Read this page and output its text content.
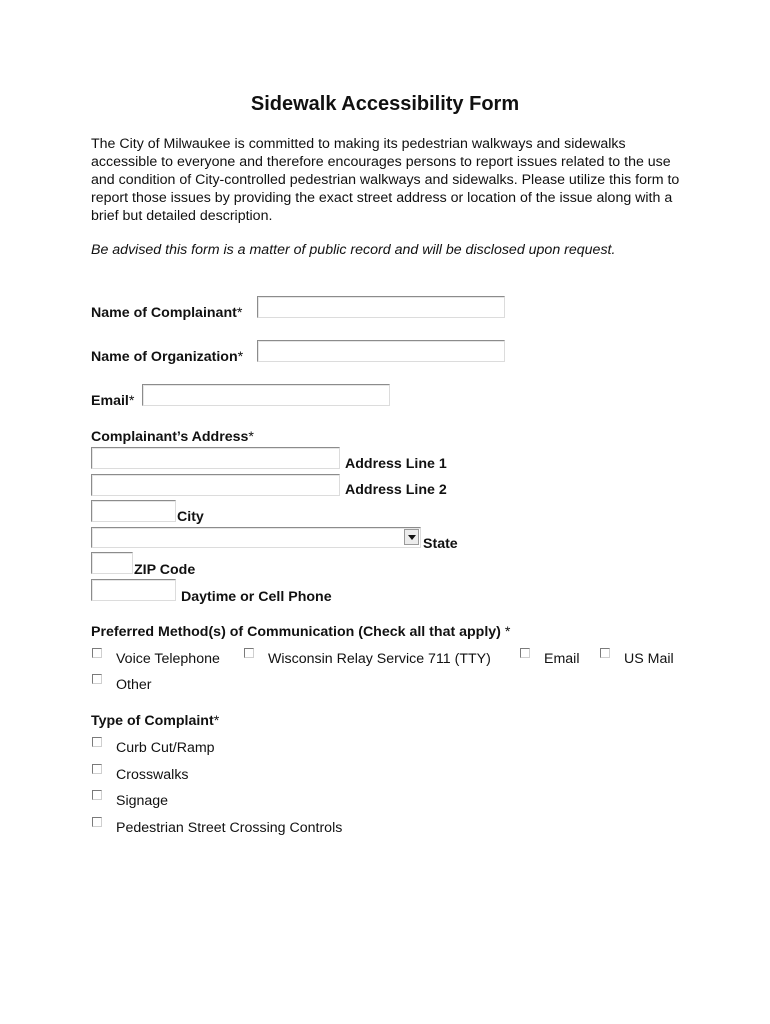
Sidewalk Accessibility Form
The City of Milwaukee is committed to making its pedestrian walkways and sidewalks accessible to everyone and therefore encourages persons to report issues related to the use and condition of City-controlled pedestrian walkways and sidewalks. Please utilize this form to report those issues by providing the exact street address or location of the issue along with a brief but detailed description.
Be advised this form is a matter of public record and will be disclosed upon request.
Name of Complainant*
Name of Organization*
Email*
Complainant’s Address*
Address Line 1
Address Line 2
City
State
ZIP Code
Daytime or Cell Phone
Preferred Method(s) of Communication (Check all that apply) *
Voice Telephone	Wisconsin Relay Service 711 (TTY)	Email	US Mail
Other
Type of Complaint*
Curb Cut/Ramp
Crosswalks
Signage
Pedestrian Street Crossing Controls
